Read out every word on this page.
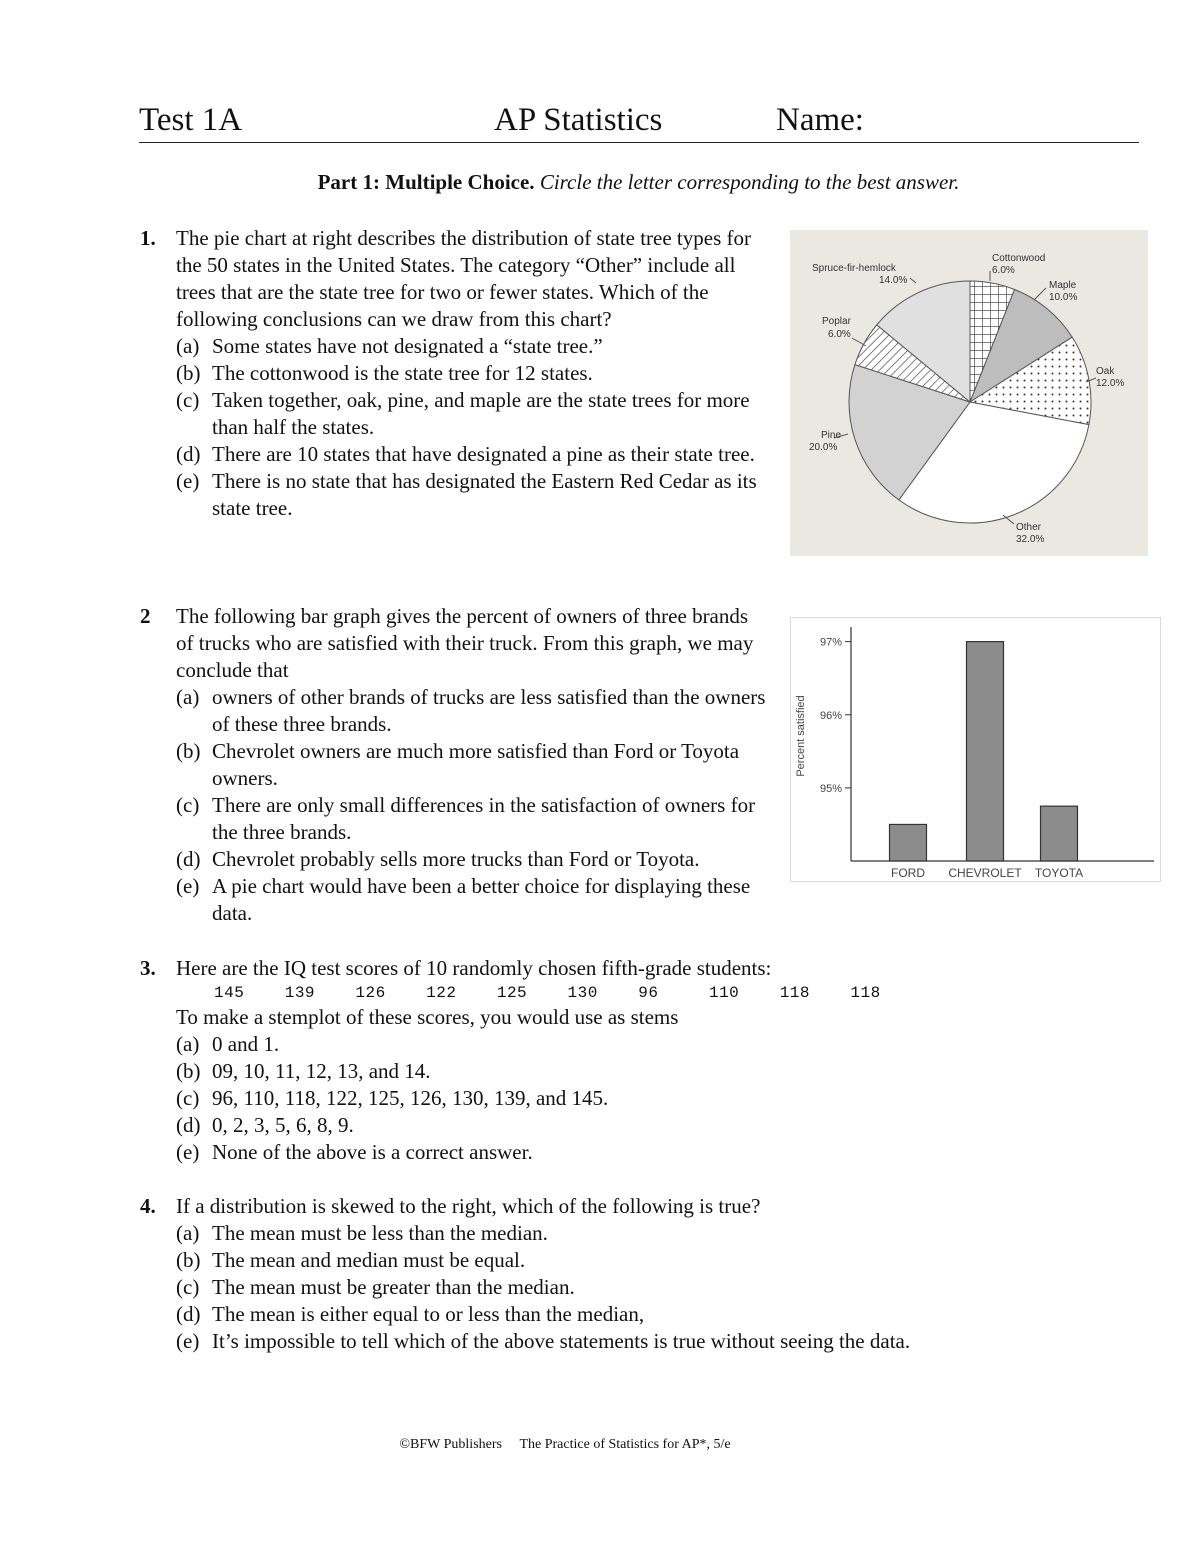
Test 1A	AP Statistics	Name:
Part 1: Multiple Choice. Circle the letter corresponding to the best answer.
1. The pie chart at right describes the distribution of state tree types for the 50 states in the United States. The category “Other” include all trees that are the state tree for two or fewer states. Which of the following conclusions can we draw from this chart?
(a) Some states have not designated a “state tree.”
(b) The cottonwood is the state tree for 12 states.
(c) Taken together, oak, pine, and maple are the state trees for more than half the states.
(d) There are 10 states that have designated a pine as their state tree.
(e) There is no state that has designated the Eastern Red Cedar as its state tree.
2 The following bar graph gives the percent of owners of three brands of trucks who are satisfied with their truck. From this graph, we may conclude that
(a) owners of other brands of trucks are less satisfied than the owners of these three brands.
(b) Chevrolet owners are much more satisfied than Ford or Toyota owners.
(c) There are only small differences in the satisfaction of owners for the three brands.
(d) Chevrolet probably sells more trucks than Ford or Toyota.
(e) A pie chart would have been a better choice for displaying these data.
3. Here are the IQ test scores of 10 randomly chosen fifth-grade students:
145    139    126    122    125    130    96     110    118    118
To make a stemplot of these scores, you would use as stems
(a) 0 and 1.
(b) 09, 10, 11, 12, 13, and 14.
(c) 96, 110, 118, 122, 125, 126, 130, 139, and 145.
(d) 0, 2, 3, 5, 6, 8, 9.
(e) None of the above is a correct answer.
4. If a distribution is skewed to the right, which of the following is true?
(a) The mean must be less than the median.
(b) The mean and median must be equal.
(c) The mean must be greater than the median.
(d) The mean is either equal to or less than the median,
(e) It’s impossible to tell which of the above statements is true without seeing the data.
Cottonwood
6.0%
Maple
10.0%
Oak
12.0%
Other
32.0%
Pine
20.0%
Poplar
6.0%
Spruce-fir-hemlock
14.0%
Percent satisfied
95%
96%
97%
FORD CHEVROLET TOYOTA
©BFW Publishers The Practice of Statistics for AP*, 5/e
